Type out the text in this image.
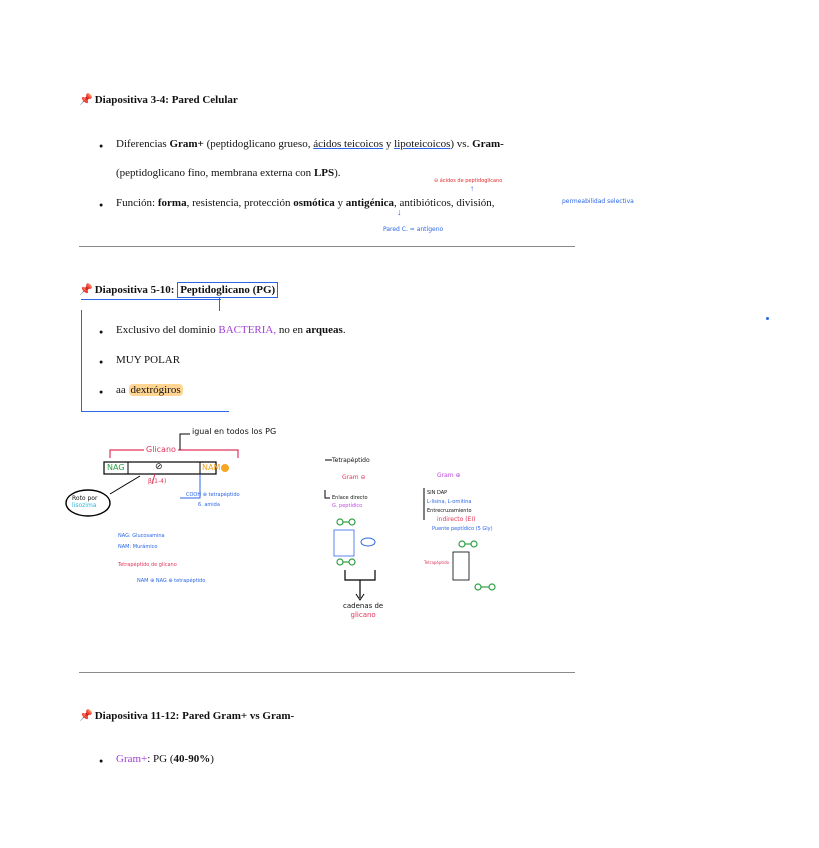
📌 Diapositiva 3-4: Pared Celular
● Diferencias Gram+ (peptidoglicano grueso, ácidos teicoicos y lipoteicoicos) vs. Gram-
(peptidoglicano fino, membrana externa con LPS).
⊖ ácidos de peptidoglicano
↑
● Función: forma, resistencia, protección osmótica y antigénica, antibióticos, división,	permeabilidad selectiva
↓
Pared C. = antígeno
📌 Diapositiva 5-10: Peptidoglicano (PG)
● Exclusivo del dominio BACTERIA, no en arqueas.
● MUY POLAR
● aa dextrógiros
igual en todos los PG
Glicano
NAG	⊘	NAM
β(1-4)
Roto por
lisozima
COOH ⊕ tetrapéptido
6. amida
NAG: Glucosamina
NAM: Murámico
Tetrapéptido de glicano
NAM ⊕ NAG ⊕ tetrapéptido
Tetrapéptido
Gram ⊖
Enlace directo
G. peptídico
cadenas de
glicano
Gram ⊕
SIN DAP
L-lisina, L-ornitina
Entrecruzamiento
indirecto (EI)
Puente peptídico (5 Gly)
Tetrapéptido
📌 Diapositiva 11-12: Pared Gram+ vs Gram-
● Gram+: PG (40-90%)
